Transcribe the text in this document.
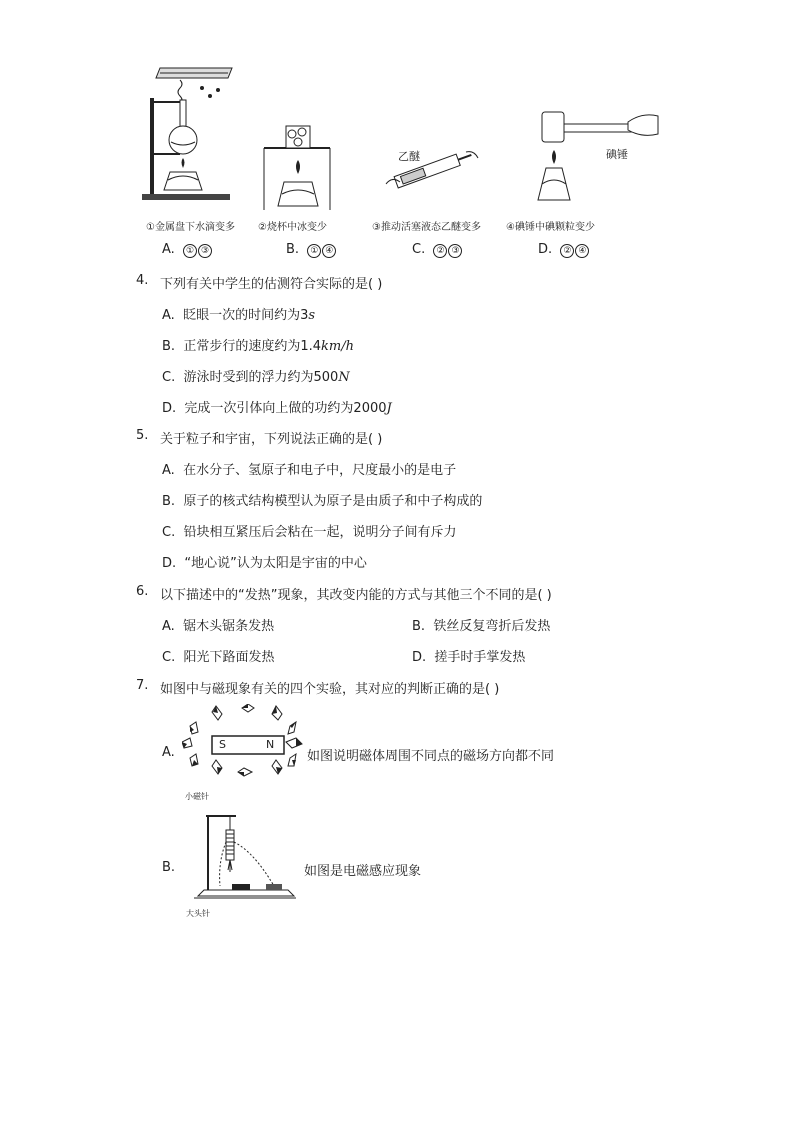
乙醚	碘锤
①金属盘下水滴变多 ②烧杯中冰变少	③推动活塞液态乙醚变多	④碘锤中碘颗粒变少
A. ① ③	B. ① ④	C. ② ③	D. ② ④
4. 下列有关中学生的估测符合实际的是( )
A. 眨眼一次的时间约为3s
B. 正常步行的速度约为1.4km/h
C. 游泳时受到的浮力约为500N
D. 完成一次引体向上做的功约为2000J
5. 关于粒子和宇宙，下列说法正确的是( )
A. 在水分子、氢原子和电子中，尺度最小的是电子
B. 原子的核式结构模型认为原子是由质子和中子构成的
C. 铅块相互紧压后会粘在一起，说明分子间有斥力
D. “地心说”认为太阳是宇宙的中心
6. 以下描述中的“发热”现象，其改变内能的方式与其他三个不同的是( )
A. 锯木头锯条发热	B. 铁丝反复弯折后发热
C. 阳光下路面发热	D. 搓手时手掌发热
7. 如图中与磁现象有关的四个实验，其对应的判断正确的是( )
A.
S	N
小磁针
如图说明磁体周围不同点的磁场方向都不同
B.
大头针
如图是电磁感应现象
